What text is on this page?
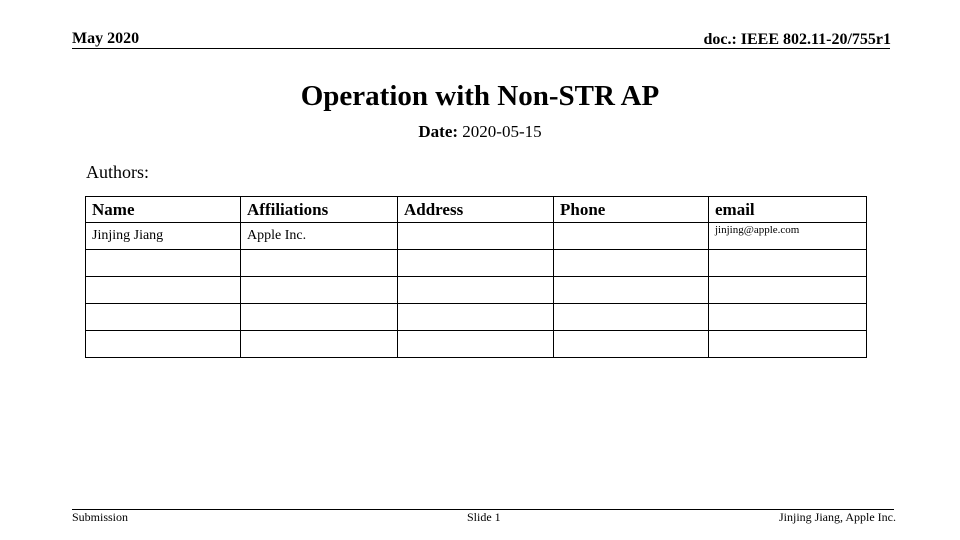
May 2020	doc.: IEEE 802.11-20/755r1
Operation with Non-STR AP
Date: 2020-05-15
Authors:
Name	Affiliations	Address	Phone	email
Jinjing Jiang	Apple Inc.			jinjing@apple.com

Submission	Slide 1	Jinjing Jiang, Apple Inc.
